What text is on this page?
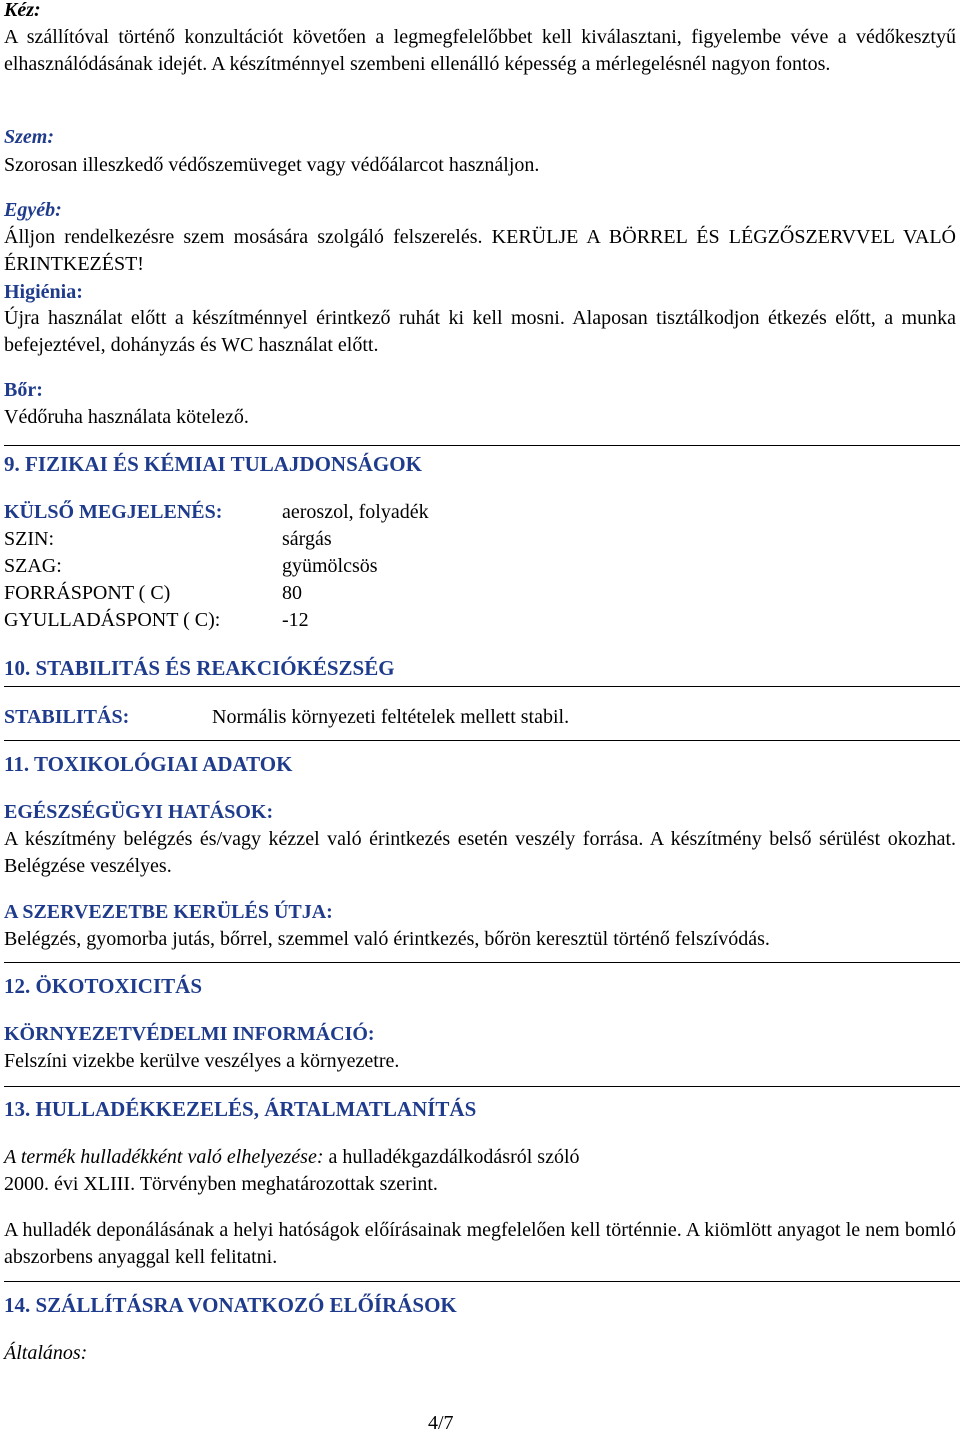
Kéz:
A szállítóval történő konzultációt követően a legmegfelelőbbet kell kiválasztani, figyelembe véve a védőkesztyű elhasználódásának idejét. A készítménnyel szembeni ellenálló képesség a mérlegelésnél nagyon fontos.
Szem:
Szorosan illeszkedő védőszemüveget vagy védőálarcot használjon.
Egyéb:
Álljon rendelkezésre szem mosására szolgáló felszerelés. KERÜLJE A BÖRREL ÉS LÉGZŐSZERVVEL VALÓ ÉRINTKEZÉST!
Higiénia:
Újra használat előtt a készítménnyel érintkező ruhát ki kell mosni. Alaposan tisztálkodjon étkezés előtt, a munka befejeztével, dohányzás és WC használat előtt.
Bőr:
Védőruha használata kötelező.
9. FIZIKAI ÉS KÉMIAI TULAJDONSÁGOK
KÜLSŐ MEGJELENÉS:	aeroszol, folyadék
SZIN:	sárgás
SZAG:	gyümölcsös
FORRÁSPONT ( C)	80
GYULLADÁSPONT ( C):	-12
10. STABILITÁS ÉS REAKCIÓKÉSZSÉG
STABILITÁS:	Normális környezeti feltételek mellett stabil.
11. TOXIKOLÓGIAI ADATOK
EGÉSZSÉGÜGYI HATÁSOK:
A készítmény belégzés és/vagy kézzel való érintkezés esetén veszély forrása. A készítmény belső sérülést okozhat. Belégzése veszélyes.
A SZERVEZETBE KERÜLÉS ÚTJA:
Belégzés, gyomorba jutás, bőrrel, szemmel való érintkezés, bőrön keresztül történő felszívódás.
12. ÖKOTOXICITÁS
KÖRNYEZETVÉDELMI INFORMÁCIÓ:
Felszíni vizekbe kerülve veszélyes a környezetre.
13. HULLADÉKKEZELÉS, ÁRTALMATLANÍTÁS
A termék hulladékként való elhelyezése: a hulladékgazdálkodásról szóló
2000. évi XLIII. Törvényben meghatározottak szerint.
A hulladék deponálásának a helyi hatóságok előírásainak megfelelően kell történnie. A kiömlött anyagot le nem bomló abszorbens anyaggal kell felitatni.
14. SZÁLLÍTÁSRA VONATKOZÓ ELŐÍRÁSOK
Általános:
4/7
